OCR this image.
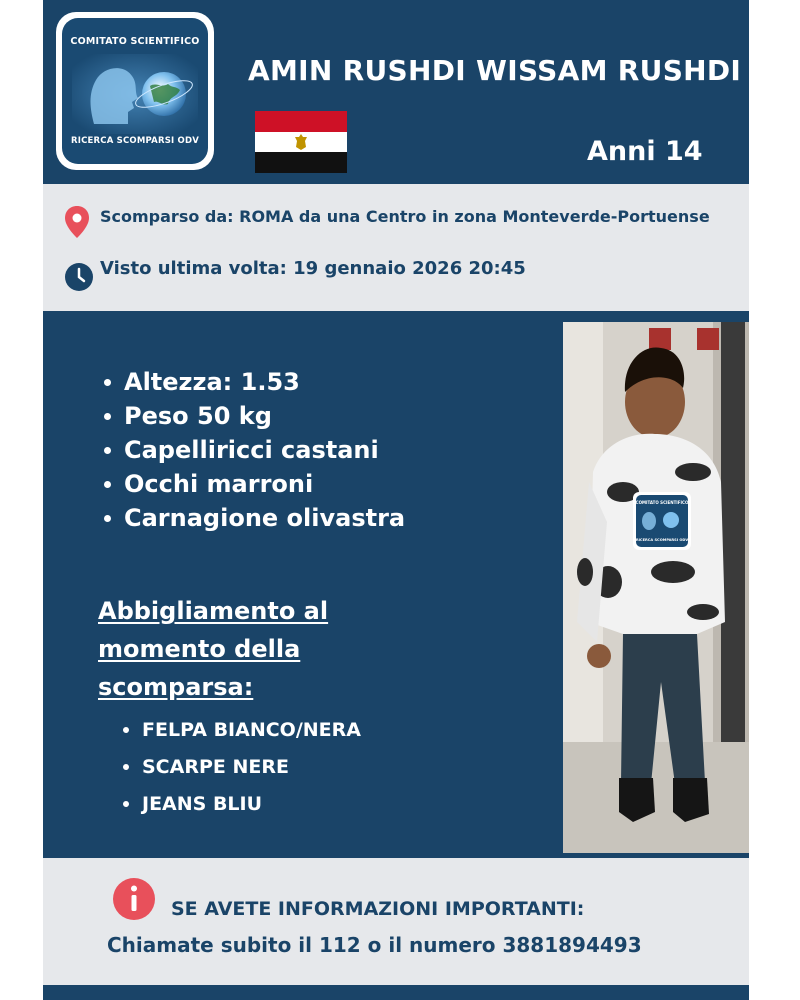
COMITATO SCIENTIFICO
RICERCA SCOMPARSI ODV
AMIN RUSHDI WISSAM RUSHDI
Anni 14
Scomparso da: ROMA da una Centro in zona Monteverde-Portuense
Visto ultima volta: 19 gennaio 2026 20:45
Altezza: 1.53
Peso 50 kg
Capelliricci castani
Occhi marroni
Carnagione olivastra
Abbigliamento al momento della scomparsa:
FELPA BIANCO/NERA
SCARPE NERE
JEANS BLIU
COMITATO SCIENTIFICO
RICERCA SCOMPARSI ODV
SE AVETE INFORMAZIONI IMPORTANTI:
Chiamate subito il 112 o il numero 3881894493
